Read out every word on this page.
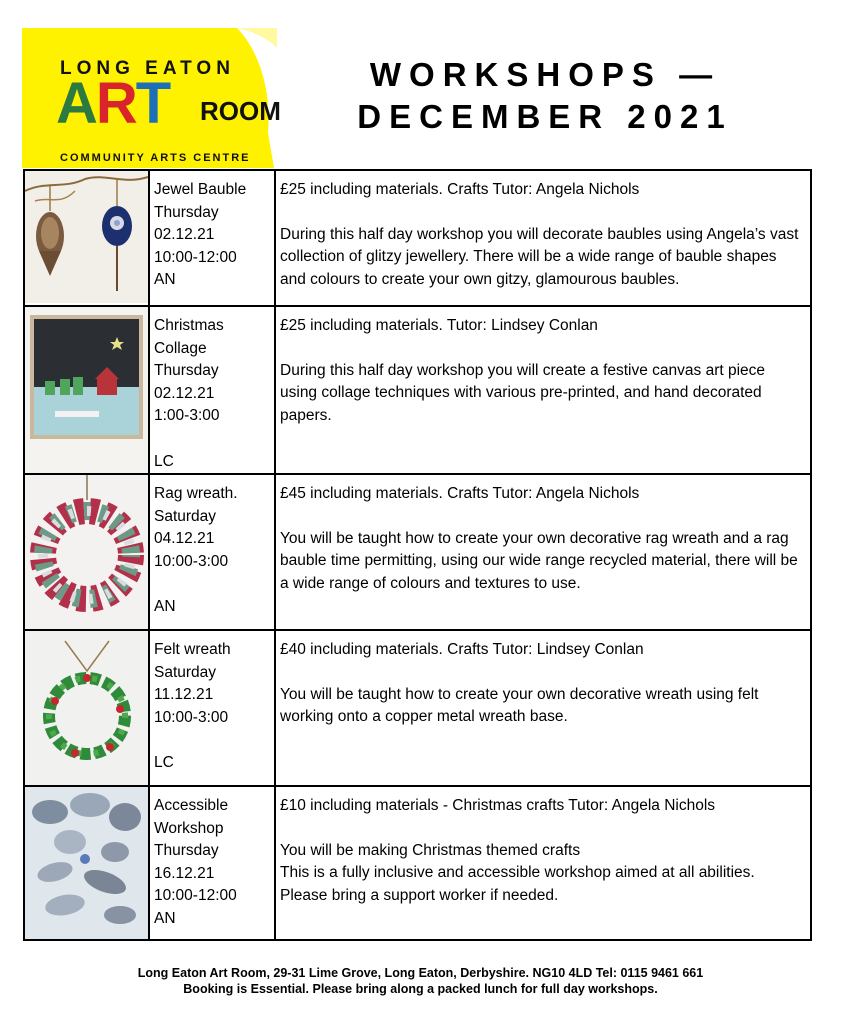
LONG EATON
ART ROOM
COMMUNITY ARTS CENTRE
WORKSHOPS —
DECEMBER 2021
Jewel Bauble
Thursday
02.12.21
10:00-12:00
AN
£25 including materials. Crafts Tutor: Angela Nichols
During this half day workshop you will decorate baubles using Angela’s vast collection of glitzy jewellery. There will be a wide range of bauble shapes and colours to create your own gitzy, glamourous baubles.
Christmas
Collage
Thursday
02.12.21
1:00-3:00
LC
£25 including materials. Tutor: Lindsey Conlan
During this half day workshop you will create a festive canvas art piece using collage techniques with various pre-printed, and hand decorated papers.
Rag wreath.
Saturday
04.12.21
10:00-3:00
AN
£45 including materials. Crafts Tutor: Angela Nichols
You will be taught how to create your own decorative rag wreath and a rag bauble time permitting, using our wide range recycled material, there will be a wide range of colours and textures to use.
Felt wreath
Saturday
11.12.21
10:00-3:00
LC
£40 including materials. Crafts Tutor: Lindsey Conlan
You will be taught how to create your own decorative wreath using felt working onto a copper metal wreath base.
Accessible
Workshop
Thursday
16.12.21
10:00-12:00
AN
£10 including materials - Christmas crafts Tutor: Angela Nichols
You will be making Christmas themed crafts
This is a fully inclusive and accessible workshop aimed at all abilities.
Please bring a support worker if needed.
Long Eaton Art Room, 29-31 Lime Grove, Long Eaton, Derbyshire. NG10 4LD Tel: 0115 9461 661
Booking is Essential. Please bring along a packed lunch for full day workshops.
